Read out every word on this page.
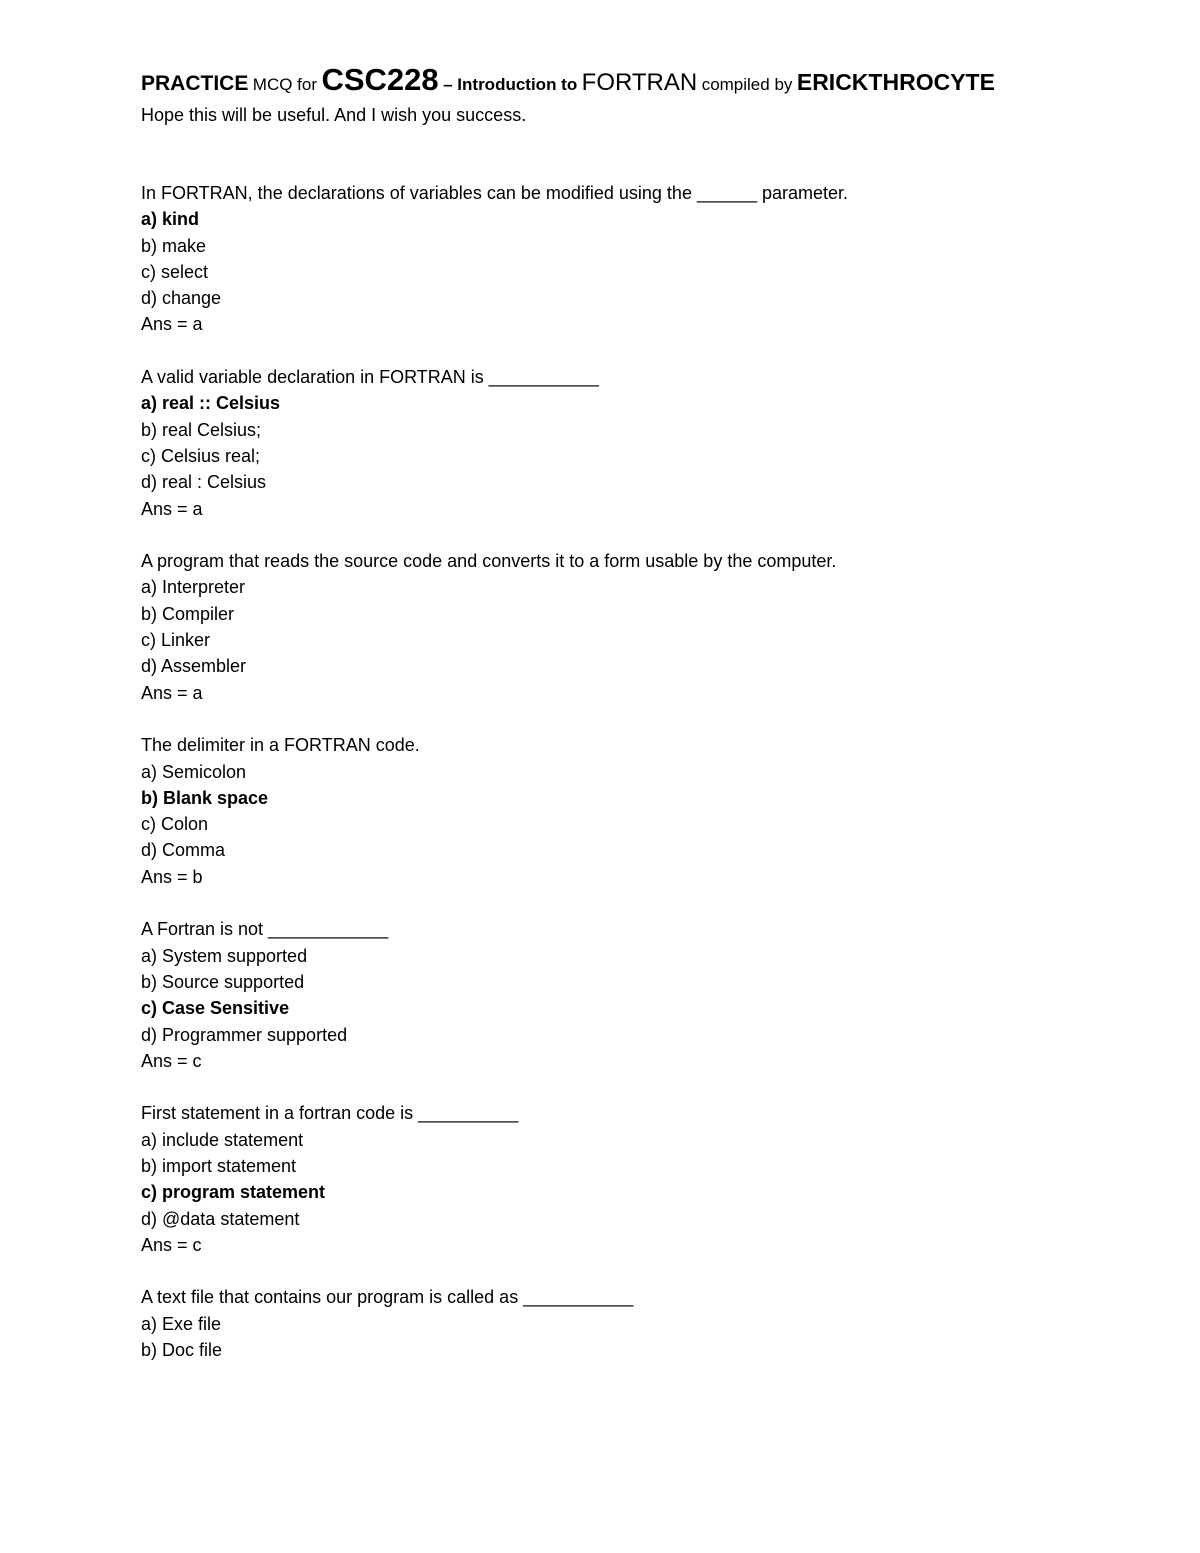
PRACTICE MCQ for CSC228 – Introduction to FORTRAN compiled by ERICKTHROCYTE
Hope this will be useful. And I wish you success.
In FORTRAN, the declarations of variables can be modified using the ______ parameter.
a) kind
b) make
c) select
d) change
Ans = a
A valid variable declaration in FORTRAN is ___________
a) real :: Celsius
b) real Celsius;
c) Celsius real;
d) real : Celsius
Ans = a
A program that reads the source code and converts it to a form usable by the computer.
a) Interpreter
b) Compiler
c) Linker
d) Assembler
Ans = a
The delimiter in a FORTRAN code.
a) Semicolon
b) Blank space
c) Colon
d) Comma
Ans = b
A Fortran is not ____________
a) System supported
b) Source supported
c) Case Sensitive
d) Programmer supported
Ans = c
First statement in a fortran code is __________
a) include statement
b) import statement
c) program statement
d) @data statement
Ans = c
A text file that contains our program is called as ___________
a) Exe file
b) Doc file
